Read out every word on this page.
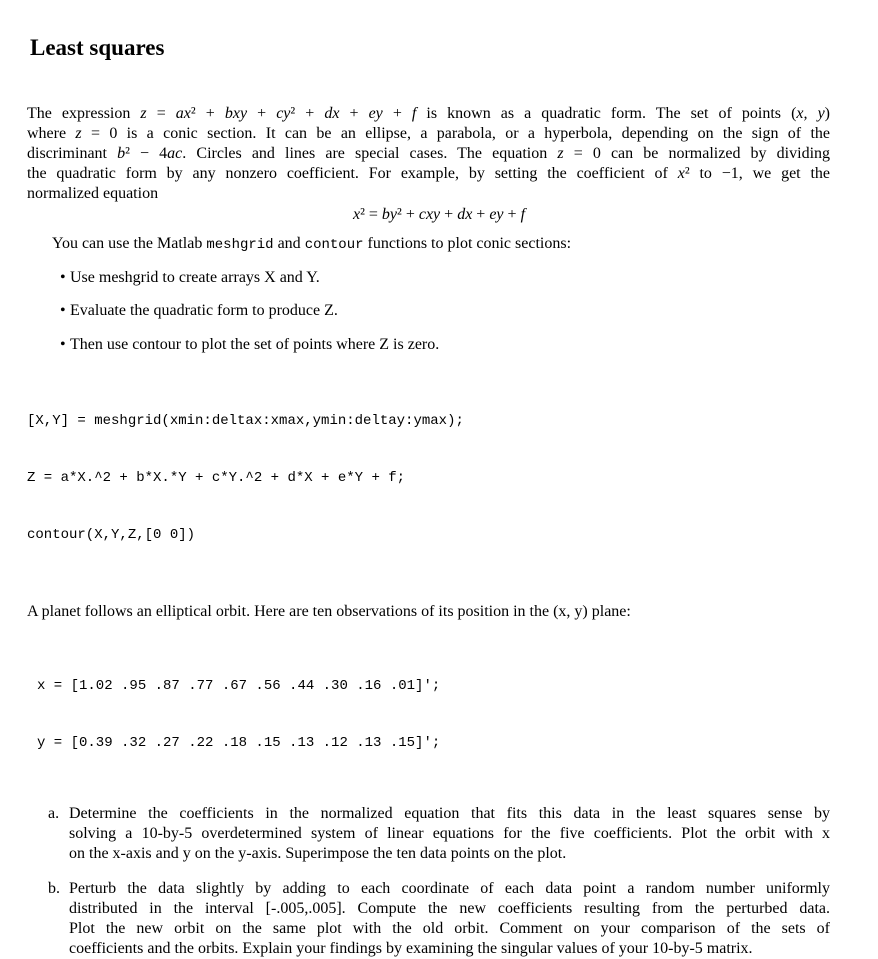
Least squares
The expression z = ax² + bxy + cy² + dx + ey + f is known as a quadratic form. The set of points (x, y)
where z = 0 is a conic section. It can be an ellipse, a parabola, or a hyperbola, depending on the sign of the
discriminant b² − 4ac. Circles and lines are special cases. The equation z = 0 can be normalized by dividing
the quadratic form by any nonzero coefficient. For example, by setting the coefficient of x² to −1, we get the
normalized equation
x² = by² + cxy + dx + ey + f
You can use the Matlab meshgrid and contour functions to plot conic sections:
• Use meshgrid to create arrays X and Y.
• Evaluate the quadratic form to produce Z.
• Then use contour to plot the set of points where Z is zero.

[X,Y] = meshgrid(xmin:deltax:xmax,ymin:deltay:ymax);

Z = a*X.^2 + b*X.*Y + c*Y.^2 + d*X + e*Y + f;

contour(X,Y,Z,[0 0])

A planet follows an elliptical orbit. Here are ten observations of its position in the (x, y) plane:

x = [1.02 .95 .87 .77 .67 .56 .44 .30 .16 .01]';

y = [0.39 .32 .27 .22 .18 .15 .13 .12 .13 .15]';

a. Determine the coefficients in the normalized equation that fits this data in the least squares sense by
solving a 10-by-5 overdetermined system of linear equations for the five coefficients. Plot the orbit with x
on the x-axis and y on the y-axis. Superimpose the ten data points on the plot.
b. Perturb the data slightly by adding to each coordinate of each data point a random number uniformly
distributed in the interval [-.005,.005]. Compute the new coefficients resulting from the perturbed data.
Plot the new orbit on the same plot with the old orbit. Comment on your comparison of the sets of
coefficients and the orbits. Explain your findings by examining the singular values of your 10-by-5 matrix.
